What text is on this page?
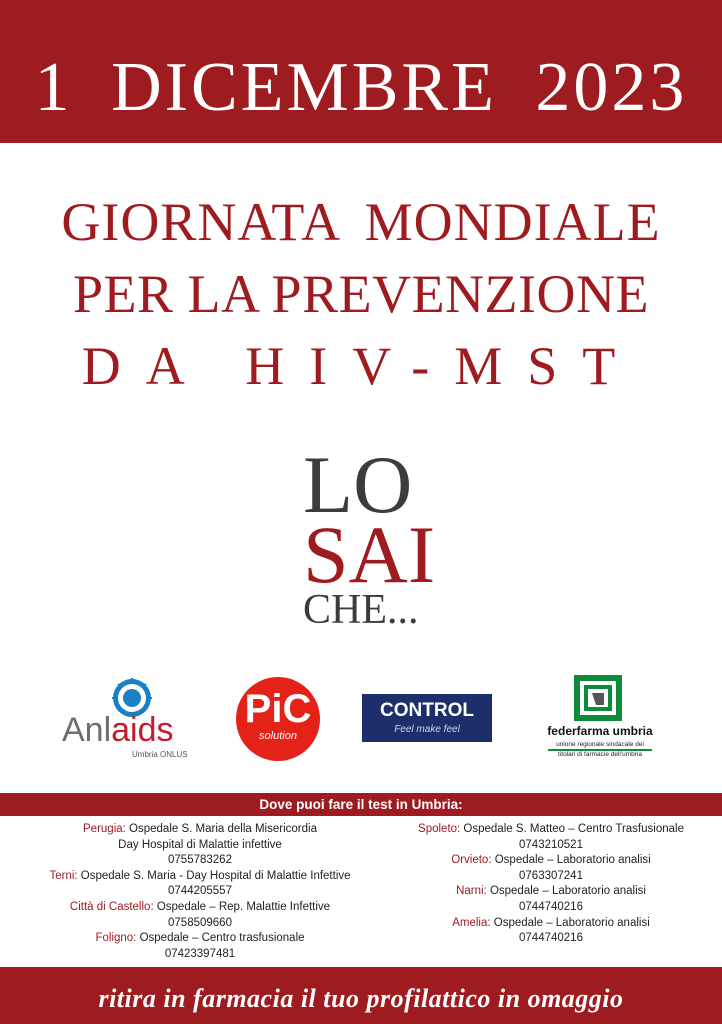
1 DICEMBRE 2023
GIORNATA MONDIALE
PER LA PREVENZIONE
DA HIV-MST
LO
SAI
CHE...
Anlaids
Umbria ONLUS
PiC
solution
CONTROL
Feel make feel	federfarma umbria
unione regionale sindacale dei
titolari di farmacie dell'umbria
Dove puoi fare il test in Umbria:
Perugia: Ospedale S. Maria della Misericordia
Day Hospital di Malattie infettive
0755783262
Terni: Ospedale S. Maria - Day Hospital di Malattie Infettive
0744205557
Città di Castello: Ospedale – Rep. Malattie Infettive
0758509660
Foligno: Ospedale – Centro trasfusionale
07423397481
Spoleto: Ospedale S. Matteo – Centro Trasfusionale
0743210521
Orvieto: Ospedale – Laboratorio analisi
0763307241
Narni: Ospedale – Laboratorio analisi
0744740216
Amelia: Ospedale – Laboratorio analisi
0744740216
ritira in farmacia il tuo profilattico in omaggio
